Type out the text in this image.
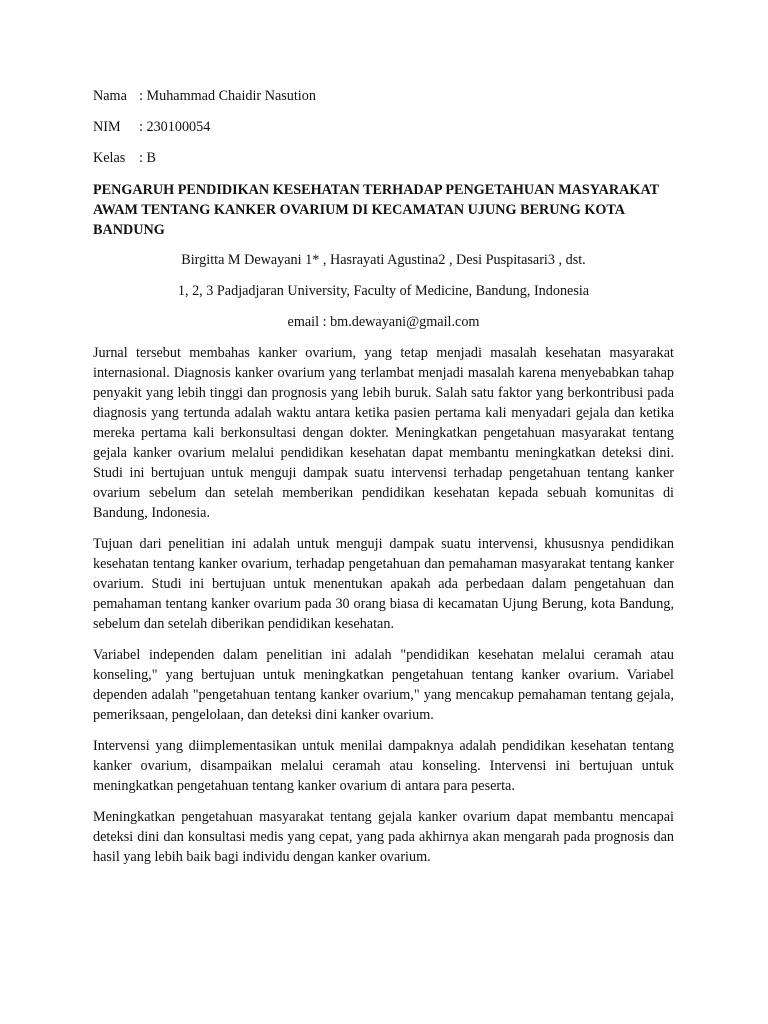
Nama : Muhammad Chaidir Nasution
NIM : 230100054
Kelas : B
PENGARUH PENDIDIKAN KESEHATAN TERHADAP PENGETAHUAN MASYARAKAT AWAM TENTANG KANKER OVARIUM DI KECAMATAN UJUNG BERUNG KOTA BANDUNG
Birgitta M Dewayani 1* , Hasrayati Agustina2 , Desi Puspitasari3 , dst.
1, 2, 3 Padjadjaran University, Faculty of Medicine, Bandung, Indonesia
email : bm.dewayani@gmail.com

Jurnal tersebut membahas kanker ovarium, yang tetap menjadi masalah kesehatan masyarakat internasional. Diagnosis kanker ovarium yang terlambat menjadi masalah karena menyebabkan tahap penyakit yang lebih tinggi dan prognosis yang lebih buruk. Salah satu faktor yang berkontribusi pada diagnosis yang tertunda adalah waktu antara ketika pasien pertama kali menyadari gejala dan ketika mereka pertama kali berkonsultasi dengan dokter. Meningkatkan pengetahuan masyarakat tentang gejala kanker ovarium melalui pendidikan kesehatan dapat membantu meningkatkan deteksi dini. Studi ini bertujuan untuk menguji dampak suatu intervensi terhadap pengetahuan tentang kanker ovarium sebelum dan setelah memberikan pendidikan kesehatan kepada sebuah komunitas di Bandung, Indonesia.

Tujuan dari penelitian ini adalah untuk menguji dampak suatu intervensi, khususnya pendidikan kesehatan tentang kanker ovarium, terhadap pengetahuan dan pemahaman masyarakat tentang kanker ovarium. Studi ini bertujuan untuk menentukan apakah ada perbedaan dalam pengetahuan dan pemahaman tentang kanker ovarium pada 30 orang biasa di kecamatan Ujung Berung, kota Bandung, sebelum dan setelah diberikan pendidikan kesehatan.

Variabel independen dalam penelitian ini adalah "pendidikan kesehatan melalui ceramah atau konseling," yang bertujuan untuk meningkatkan pengetahuan tentang kanker ovarium. Variabel dependen adalah "pengetahuan tentang kanker ovarium," yang mencakup pemahaman tentang gejala, pemeriksaan, pengelolaan, dan deteksi dini kanker ovarium.

Intervensi yang diimplementasikan untuk menilai dampaknya adalah pendidikan kesehatan tentang kanker ovarium, disampaikan melalui ceramah atau konseling. Intervensi ini bertujuan untuk meningkatkan pengetahuan tentang kanker ovarium di antara para peserta.

Meningkatkan pengetahuan masyarakat tentang gejala kanker ovarium dapat membantu mencapai deteksi dini dan konsultasi medis yang cepat, yang pada akhirnya akan mengarah pada prognosis dan hasil yang lebih baik bagi individu dengan kanker ovarium.
